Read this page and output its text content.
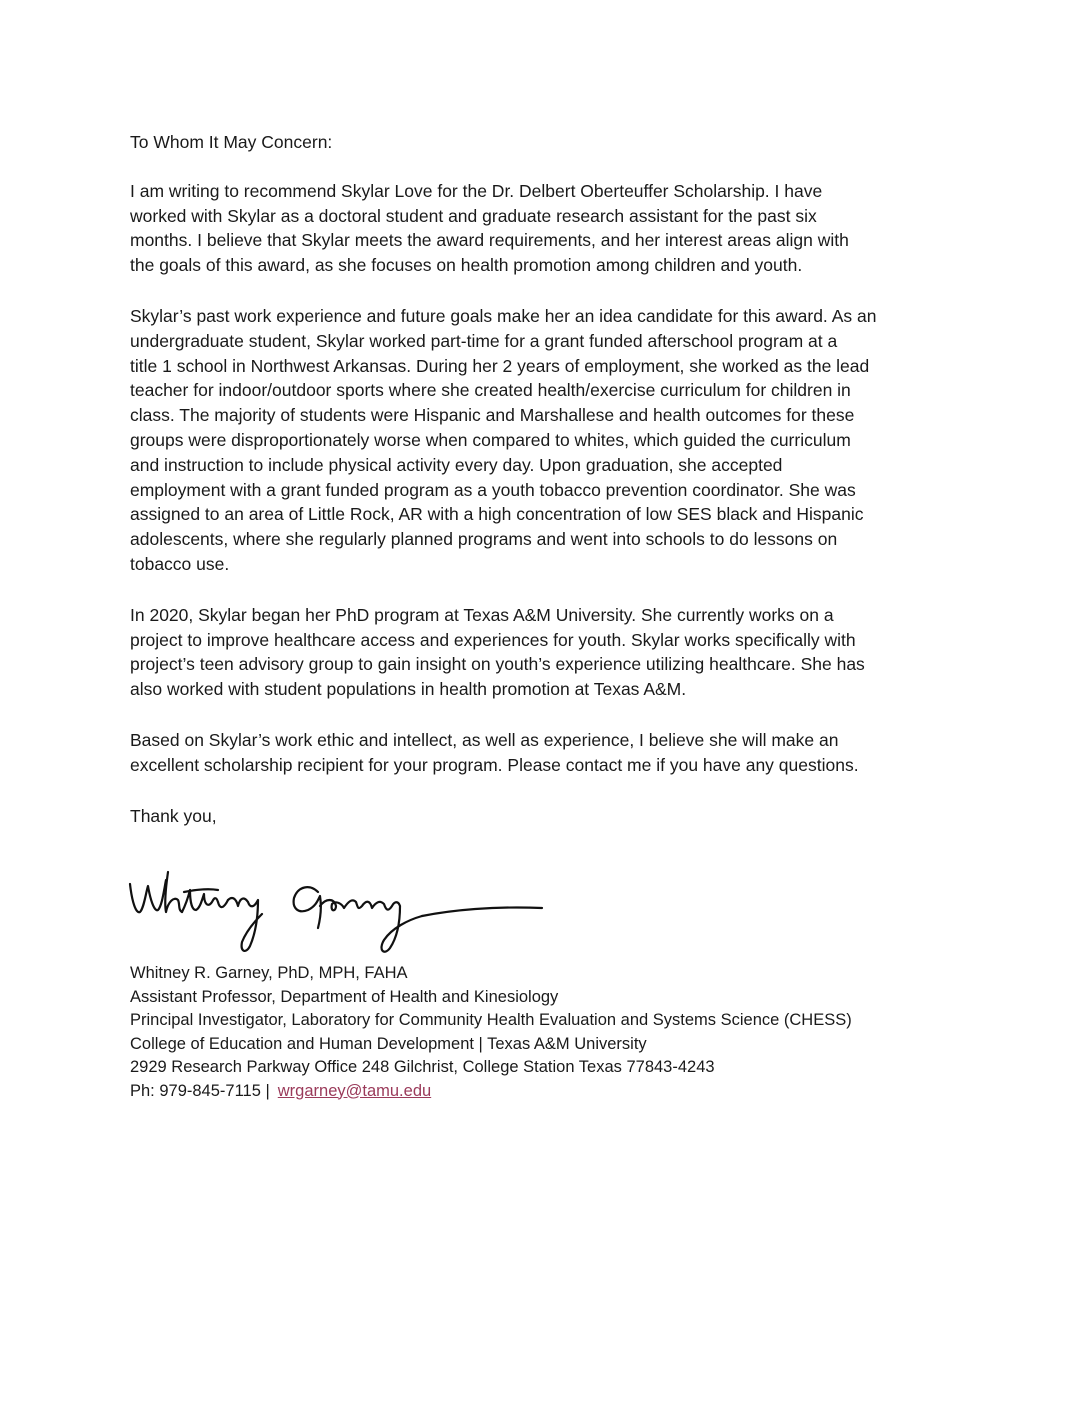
To Whom It May Concern:

I am writing to recommend Skylar Love for the Dr. Delbert Oberteuffer Scholarship. I have
worked with Skylar as a doctoral student and graduate research assistant for the past six
months. I believe that Skylar meets the award requirements, and her interest areas align with
the goals of this award, as she focuses on health promotion among children and youth.

Skylar’s past work experience and future goals make her an idea candidate for this award. As an
undergraduate student, Skylar worked part-time for a grant funded afterschool program at a
title 1 school in Northwest Arkansas. During her 2 years of employment, she worked as the lead
teacher for indoor/outdoor sports where she created health/exercise curriculum for children in
class. The majority of students were Hispanic and Marshallese and health outcomes for these
groups were disproportionately worse when compared to whites, which guided the curriculum
and instruction to include physical activity every day. Upon graduation, she accepted
employment with a grant funded program as a youth tobacco prevention coordinator. She was
assigned to an area of Little Rock, AR with a high concentration of low SES black and Hispanic
adolescents, where she regularly planned programs and went into schools to do lessons on
tobacco use.

In 2020, Skylar began her PhD program at Texas A&M University. She currently works on a
project to improve healthcare access and experiences for youth. Skylar works specifically with
project’s teen advisory group to gain insight on youth’s experience utilizing healthcare. She has
also worked with student populations in health promotion at Texas A&M.

Based on Skylar’s work ethic and intellect, as well as experience, I believe she will make an
excellent scholarship recipient for your program. Please contact me if you have any questions.

Thank you,

Whitney R. Garney, PhD, MPH, FAHA
Assistant Professor, Department of Health and Kinesiology
Principal Investigator, Laboratory for Community Health Evaluation and Systems Science (CHESS)
College of Education and Human Development | Texas A&M University
2929 Research Parkway Office 248 Gilchrist, College Station Texas 77843-4243
Ph: 979-845-7115 | wrgarney@tamu.edu
